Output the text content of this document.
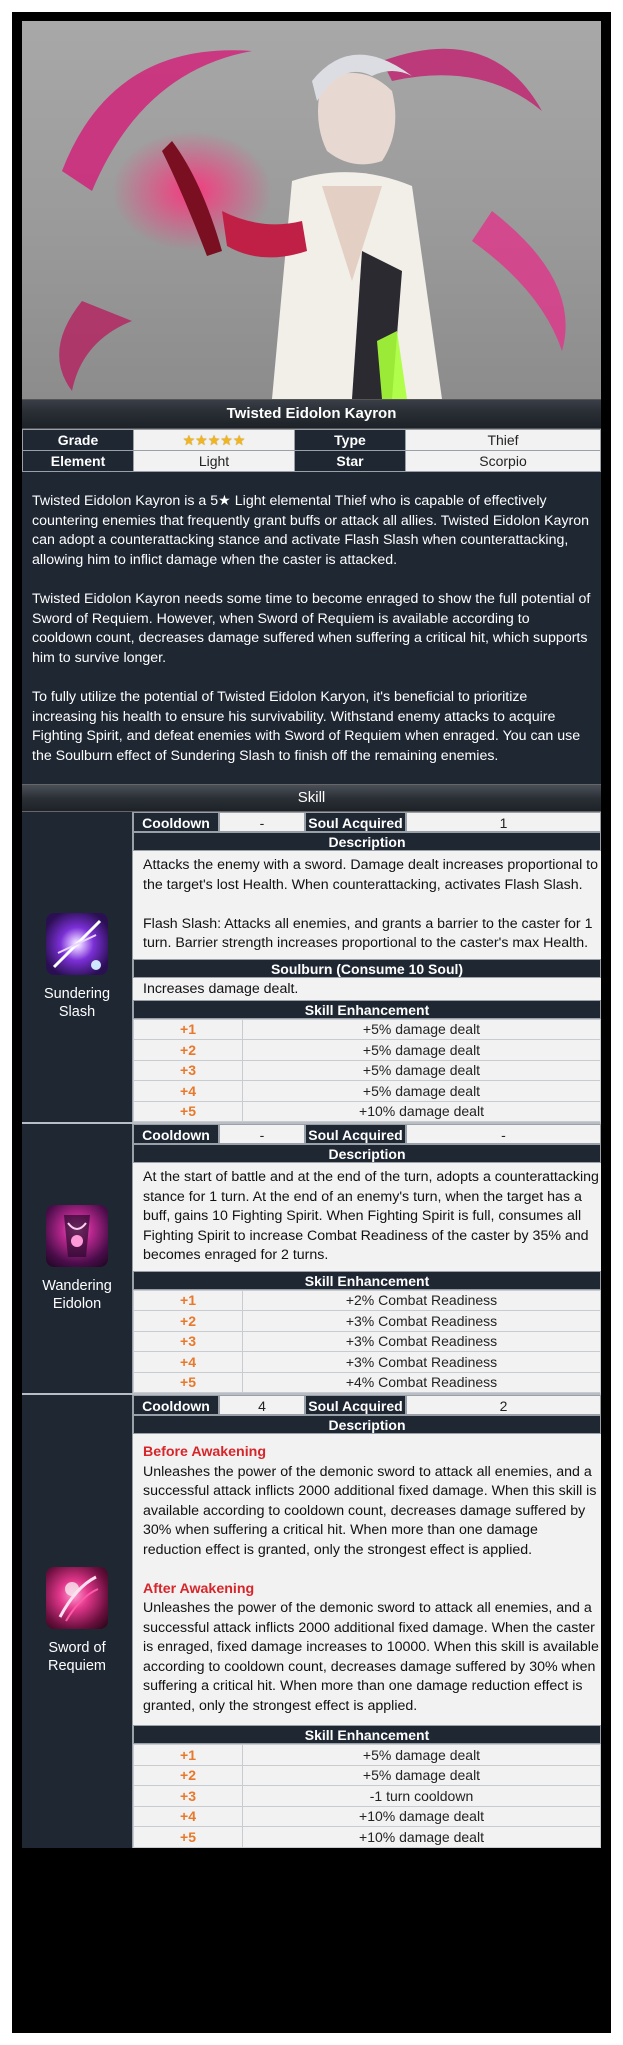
Twisted Eidolon Kayron
Grade	★★★★★	Type	Thief
Element	Light	Star	Scorpio

Twisted Eidolon Kayron is a 5★ Light elemental Thief who is capable of effectively countering enemies that frequently grant buffs or attack all allies. Twisted Eidolon Kayron can adopt a counterattacking stance and activate Flash Slash when counterattacking, allowing him to inflict damage when the caster is attacked.

Twisted Eidolon Kayron needs some time to become enraged to show the full potential of Sword of Requiem. However, when Sword of Requiem is available according to cooldown count, decreases damage suffered when suffering a critical hit, which supports him to survive longer.

To fully utilize the potential of Twisted Eidolon Karyon, it's beneficial to prioritize increasing his health to ensure his survivability. Withstand enemy attacks to acquire Fighting Spirit, and defeat enemies with Sword of Requiem when enraged. You can use the Soulburn effect of Sundering Slash to finish off the remaining enemies.

Skill
Sundering Slash
Cooldown	-	Soul Acquired	1
Description

Attacks the enemy with a sword. Damage dealt increases proportional to the target's lost Health. When counterattacking, activates Flash Slash.

Flash Slash: Attacks all enemies, and grants a barrier to the caster for 1 turn. Barrier strength increases proportional to the caster's max Health.

Soulburn (Consume 10 Soul)
Increases damage dealt.
Skill Enhancement
+1	+5% damage dealt
+2	+5% damage dealt
+3	+5% damage dealt
+4	+5% damage dealt
+5	+10% damage dealt
Wandering Eidolon
Cooldown	-	Soul Acquired	-
Description

At the start of battle and at the end of the turn, adopts a counterattacking stance for 1 turn. At the end of an enemy's turn, when the target has a buff, gains 10 Fighting Spirit. When Fighting Spirit is full, consumes all Fighting Spirit to increase Combat Readiness of the caster by 35% and becomes enraged for 2 turns.

Skill Enhancement
+1	+2% Combat Readiness
+2	+3% Combat Readiness
+3	+3% Combat Readiness
+4	+3% Combat Readiness
+5	+4% Combat Readiness
Sword of Requiem
Cooldown	4	Soul Acquired	2
Description
Before Awakening

Unleashes the power of the demonic sword to attack all enemies, and a successful attack inflicts 2000 additional fixed damage. When this skill is available according to cooldown count, decreases damage suffered by 30% when suffering a critical hit. When more than one damage reduction effect is granted, only the strongest effect is applied.

After Awakening

Unleashes the power of the demonic sword to attack all enemies, and a successful attack inflicts 2000 additional fixed damage. When the caster is enraged, fixed damage increases to 10000. When this skill is available according to cooldown count, decreases damage suffered by 30% when suffering a critical hit. When more than one damage reduction effect is granted, only the strongest effect is applied.

Skill Enhancement
+1	+5% damage dealt
+2	+5% damage dealt
+3	-1 turn cooldown
+4	+10% damage dealt
+5	+10% damage dealt
